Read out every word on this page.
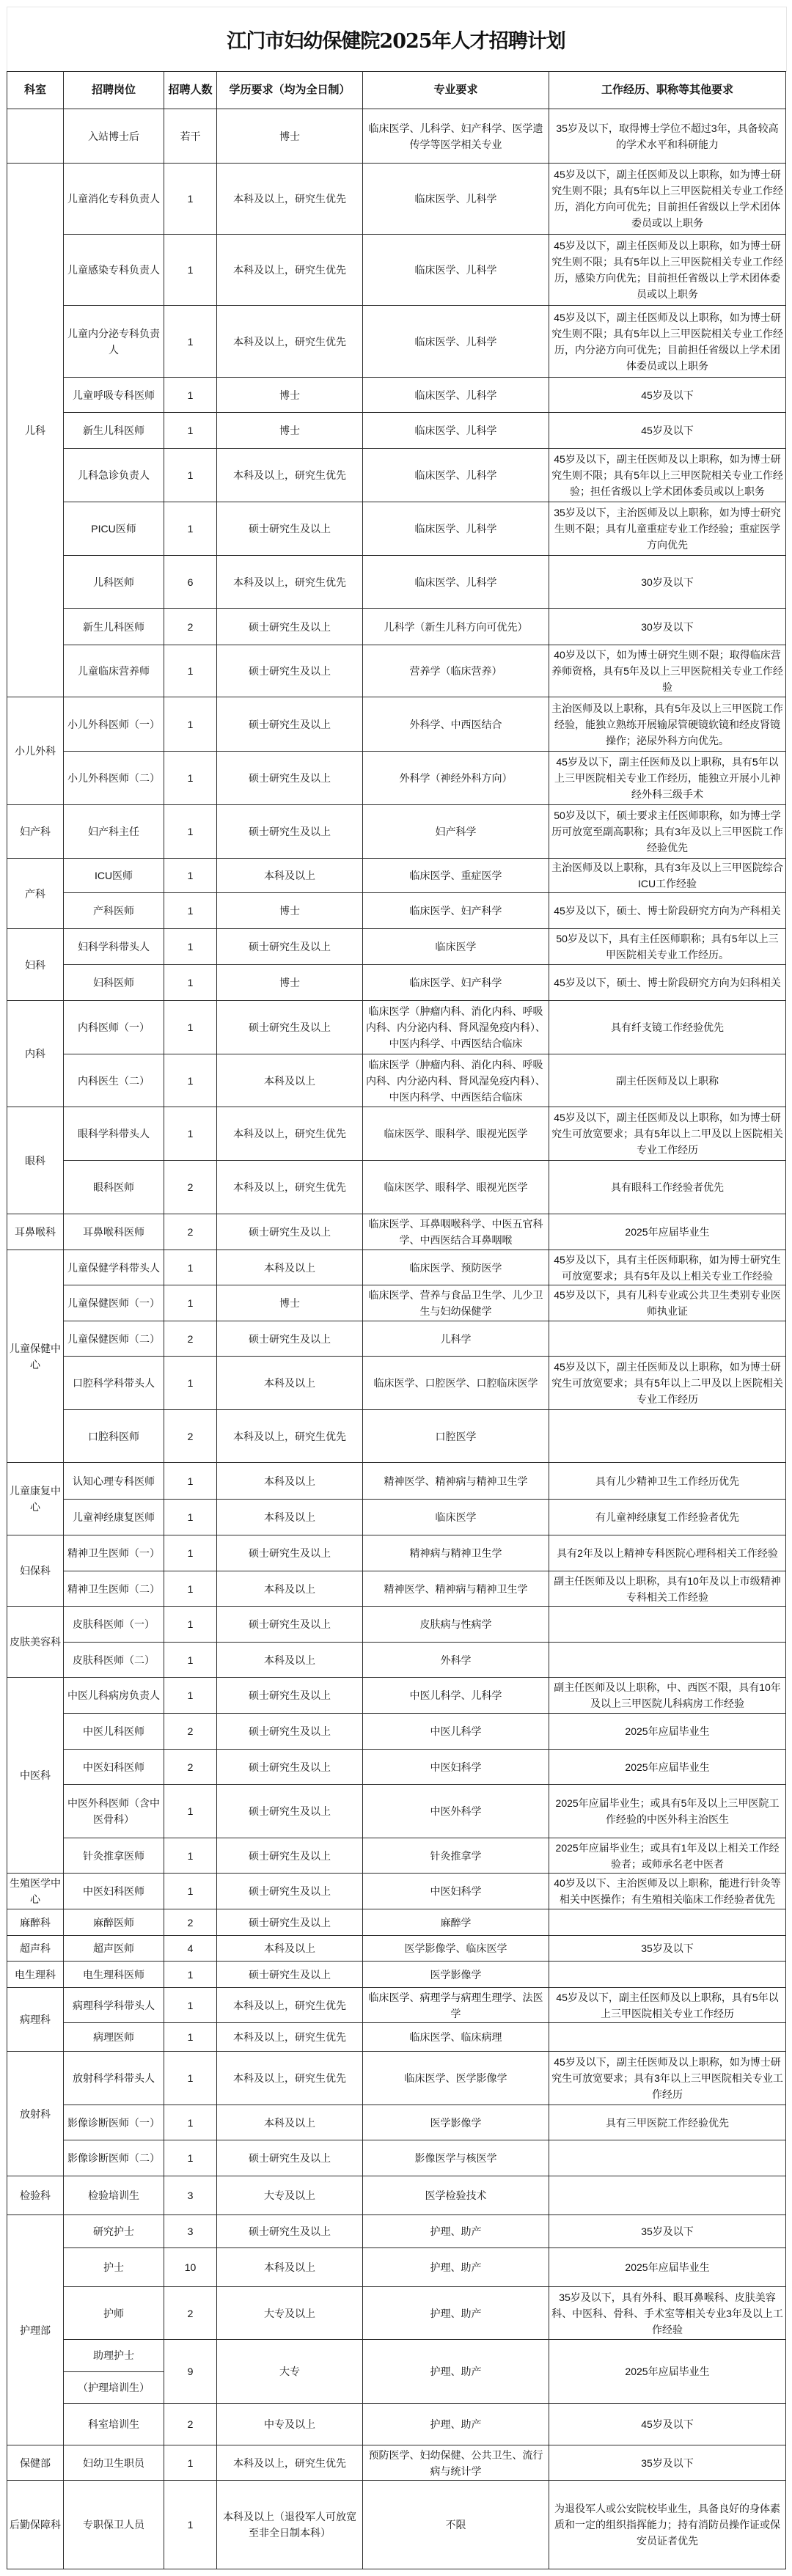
江门市妇幼保健院2025年人才招聘计划
科室	招聘岗位	招聘人数	学历要求（均为全日制）	专业要求	工作经历、职称等其他要求
	入站博士后	若干	博士	临床医学、儿科学、妇产科学、医学遗传学等医学相关专业	35岁及以下，取得博士学位不超过3年，具备较高的学术水平和科研能力
儿科	儿童消化专科负责人	1	本科及以上，研究生优先	临床医学、儿科学	45岁及以下，副主任医师及以上职称，如为博士研究生则不限；具有5年以上三甲医院相关专业工作经历，消化方向可优先；目前担任省级以上学术团体委员或以上职务
	儿童感染专科负责人	1	本科及以上，研究生优先	临床医学、儿科学	45岁及以下，副主任医师及以上职称，如为博士研究生则不限；具有5年以上三甲医院相关专业工作经历，感染方向优先；目前担任省级以上学术团体委员或以上职务
	儿童内分泌专科负责人	1	本科及以上，研究生优先	临床医学、儿科学	45岁及以下，副主任医师及以上职称，如为博士研究生则不限；具有5年以上三甲医院相关专业工作经历，内分泌方向可优先；目前担任省级以上学术团体委员或以上职务
	儿童呼吸专科医师	1	博士	临床医学、儿科学	45岁及以下
	新生儿科医师	1	博士	临床医学、儿科学	45岁及以下
	儿科急诊负责人	1	本科及以上，研究生优先	临床医学、儿科学	45岁及以下，副主任医师及以上职称，如为博士研究生则不限；具有5年以上三甲医院相关专业工作经验；担任省级以上学术团体委员或以上职务
	PICU医师	1	硕士研究生及以上	临床医学、儿科学	35岁及以下，主治医师及以上职称，如为博士研究生则不限；具有儿童重症专业工作经验；重症医学方向优先
	儿科医师	6	本科及以上，研究生优先	临床医学、儿科学	30岁及以下
	新生儿科医师	2	硕士研究生及以上	儿科学（新生儿科方向可优先）	30岁及以下
	儿童临床营养师	1	硕士研究生及以上	营养学（临床营养）	40岁及以下，如为博士研究生则不限；取得临床营养师资格，具有5年及以上三甲医院相关专业工作经验
小儿外科	小儿外科医师（一）	1	硕士研究生及以上	外科学、中西医结合	主治医师及以上职称，具有5年及以上三甲医院工作经验，能独立熟练开展输尿管硬镜软镜和经皮肾镜操作；泌尿外科方向优先。
	小儿外科医师（二）	1	硕士研究生及以上	外科学（神经外科方向）	45岁及以下，副主任医师及以上职称，具有5年以上三甲医院相关专业工作经历，能独立开展小儿神经外科三级手术
妇产科	妇产科主任	1	硕士研究生及以上	妇产科学	50岁及以下，硕士要求主任医师职称，如为博士学历可放宽至副高职称；具有3年及以上三甲医院工作经验优先
产科	ICU医师	1	本科及以上	临床医学、重症医学	主治医师及以上职称，具有3年及以上三甲医院综合ICU工作经验
	产科医师	1	博士	临床医学、妇产科学	45岁及以下，硕士、博士阶段研究方向为产科相关
妇科	妇科学科带头人	1	硕士研究生及以上	临床医学	50岁及以下，具有主任医师职称；具有5年以上三甲医院相关专业工作经历。
	妇科医师	1	博士	临床医学、妇产科学	45岁及以下，硕士、博士阶段研究方向为妇科相关
内科	内科医师（一）	1	硕士研究生及以上	临床医学（肿瘤内科、消化内科、呼吸内科、内分泌内科、肾风湿免疫内科）、中医内科学、中西医结合临床	具有纤支镜工作经验优先
	内科医生（二）	1	本科及以上	临床医学（肿瘤内科、消化内科、呼吸内科、内分泌内科、肾风湿免疫内科）、中医内科学、中西医结合临床	副主任医师及以上职称
眼科	眼科学科带头人	1	本科及以上，研究生优先	临床医学、眼科学、眼视光医学	45岁及以下，副主任医师及以上职称，如为博士研究生可放宽要求；具有5年以上二甲及以上医院相关专业工作经历
	眼科医师	2	本科及以上，研究生优先	临床医学、眼科学、眼视光医学	具有眼科工作经验者优先
耳鼻喉科	耳鼻喉科医师	2	硕士研究生及以上	临床医学、耳鼻咽喉科学、中医五官科学、中西医结合耳鼻咽喉	2025年应届毕业生
儿童保健中心	儿童保健学科带头人	1	本科及以上	临床医学、预防医学	45岁及以下，具有主任医师职称，如为博士研究生可放宽要求；具有5年及以上相关专业工作经验
	儿童保健医师（一）	1	博士	临床医学、营养与食品卫生学、儿少卫生与妇幼保健学	45岁及以下，具有儿科专业或公共卫生类别专业医师执业证
	儿童保健医师（二）	2	硕士研究生及以上	儿科学	
	口腔科学科带头人	1	本科及以上	临床医学、口腔医学、口腔临床医学	45岁及以下，副主任医师及以上职称，如为博士研究生可放宽要求；具有5年以上二甲及以上医院相关专业工作经历
	口腔科医师	2	本科及以上，研究生优先	口腔医学	
儿童康复中心	认知心理专科医师	1	本科及以上	精神医学、精神病与精神卫生学	具有儿少精神卫生工作经历优先
	儿童神经康复医师	1	本科及以上	临床医学	有儿童神经康复工作经验者优先
妇保科	精神卫生医师（一）	1	硕士研究生及以上	精神病与精神卫生学	具有2年及以上精神专科医院心理科相关工作经验
	精神卫生医师（二）	1	本科及以上	精神医学、精神病与精神卫生学	副主任医师及以上职称，具有10年及以上市级精神专科相关工作经验
皮肤美容科	皮肤科医师（一）	1	硕士研究生及以上	皮肤病与性病学	
	皮肤科医师（二）	1	本科及以上	外科学	
中医科	中医儿科病房负责人	1	硕士研究生及以上	中医儿科学、儿科学	副主任医师及以上职称，中、西医不限，具有10年及以上三甲医院儿科病房工作经验
	中医儿科医师	2	硕士研究生及以上	中医儿科学	2025年应届毕业生
	中医妇科医师	2	硕士研究生及以上	中医妇科学	2025年应届毕业生
	中医外科医师（含中医骨科）	1	硕士研究生及以上	中医外科学	2025年应届毕业生；或具有5年及以上三甲医院工作经验的中医外科主治医生
	针灸推拿医师	1	硕士研究生及以上	针灸推拿学	2025年应届毕业生；或具有1年及以上相关工作经验者；或师承名老中医者
生殖医学中心	中医妇科医师	1	硕士研究生及以上	中医妇科学	40岁及以下、主治医师及以上职称，能进行针灸等相关中医操作；有生殖相关临床工作经验者优先
麻醉科	麻醉医师	2	硕士研究生及以上	麻醉学	
超声科	超声医师	4	本科及以上	医学影像学、临床医学	35岁及以下
电生理科	电生理科医师	1	硕士研究生及以上	医学影像学	
病理科	病理科学科带头人	1	本科及以上，研究生优先	临床医学、病理学与病理生理学、法医学	45岁及以下，副主任医师及以上职称，具有5年以上三甲医院相关专业工作经历
	病理医师	1	本科及以上，研究生优先	临床医学、临床病理	
放射科	放射科学科带头人	1	本科及以上，研究生优先	临床医学、医学影像学	45岁及以下，副主任医师及以上职称，如为博士研究生可放宽要求；具有3年以上三甲医院相关专业工作经历
	影像诊断医师（一）	1	本科及以上	医学影像学	具有三甲医院工作经验优先
	影像诊断医师（二）	1	硕士研究生及以上	影像医学与核医学	
检验科	检验培训生	3	大专及以上	医学检验技术	
护理部	研究护士	3	硕士研究生及以上	护理、助产	35岁及以下
	护士	10	本科及以上	护理、助产	2025年应届毕业生
	护师	2	大专及以上	护理、助产	35岁及以下，具有外科、眼耳鼻喉科、皮肤美容科、中医科、骨科、手术室等相关专业3年及以上工作经验

助理护士
（护理培训生）	9	大专	护理、助产	2025年应届毕业生
	科室培训生	2	中专及以上	护理、助产	45岁及以下
保健部	妇幼卫生职员	1	本科及以上，研究生优先	预防医学、妇幼保健、公共卫生、流行病与统计学	35岁及以下
后勤保障科	专职保卫人员	1	本科及以上（退役军人可放宽至非全日制本科）	不限	为退役军人或公安院校毕业生，具备良好的身体素质和一定的组织指挥能力；持有消防员操作证或保安员证者优先
